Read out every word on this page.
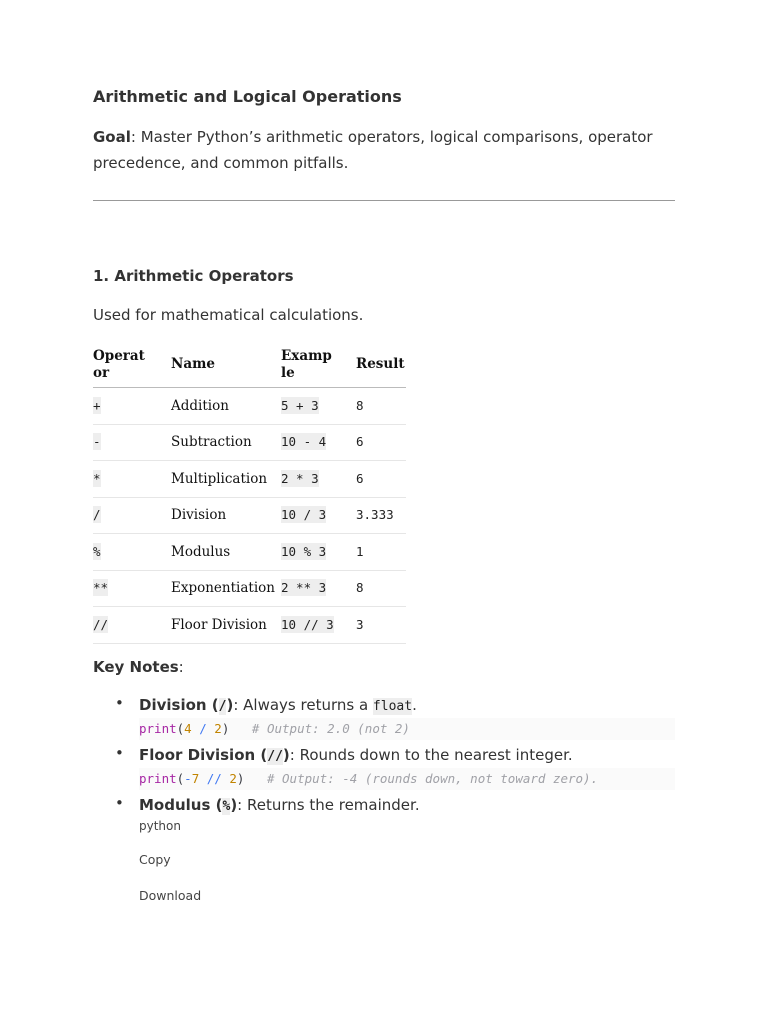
Arithmetic and Logical Operations

Goal: Master Python’s arithmetic operators, logical comparisons, operator precedence, and common pitfalls.

1. Arithmetic Operators

Used for mathematical calculations.

Operator	Name	Example	Result
+	Addition	5 + 3	8
-	Subtraction	10 - 4	6
*	Multiplication	2 * 3	6
/	Division	10 / 3	3.333
%	Modulus	10 % 3	1
**	Exponentiation	2 ** 3	8
//	Floor Division	10 // 3	3

Key Notes:

• Division (/): Always returns a float.
print(4 / 2) # Output: 2.0 (not 2)
• Floor Division (//): Rounds down to the nearest integer.
print(-7 // 2) # Output: -4 (rounds down, not toward zero).
• Modulus (%): Returns the remainder.
python
Copy
Download
